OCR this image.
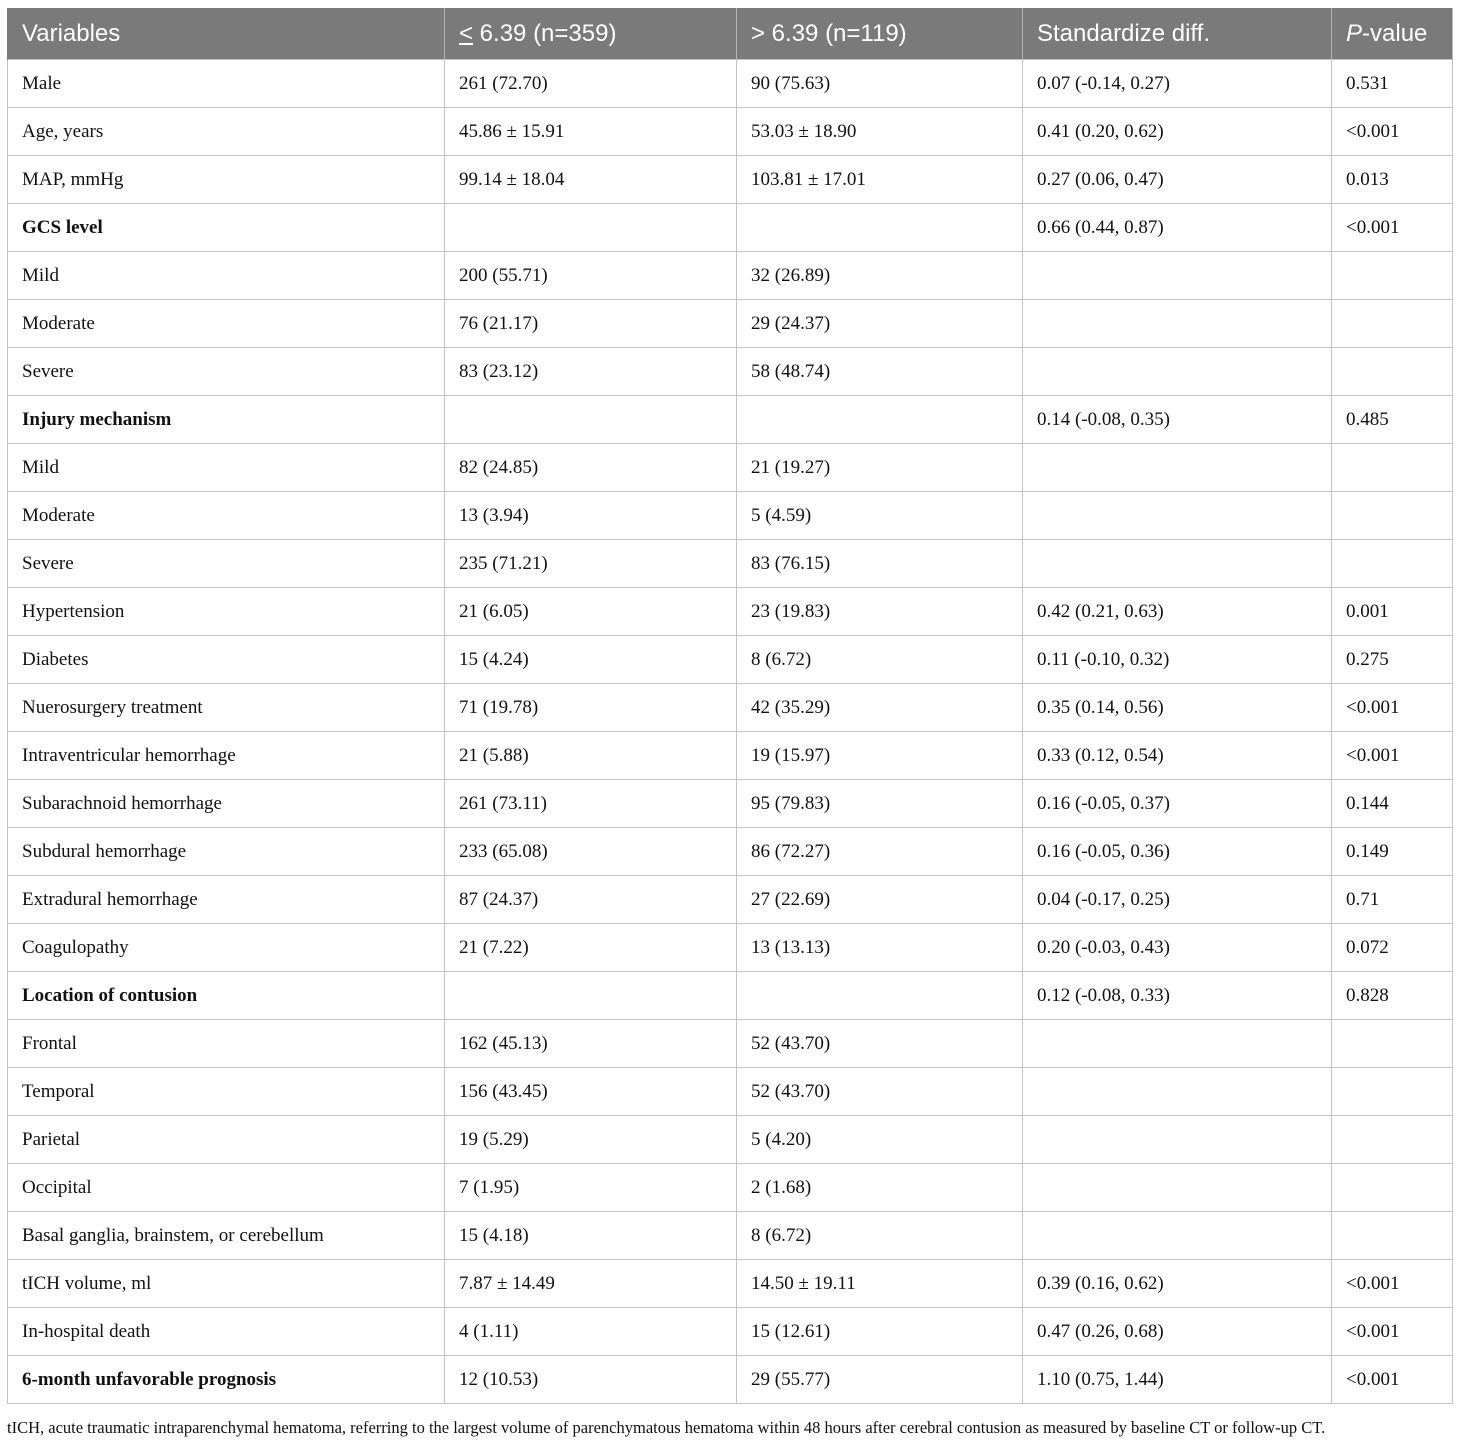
Variables	< 6.39 (n=359)	> 6.39 (n=119)	Standardize diff.	P-value
Male	261 (72.70)	90 (75.63)	0.07 (-0.14, 0.27)	0.531
Age, years	45.86 ± 15.91	53.03 ± 18.90	0.41 (0.20, 0.62)	<0.001
MAP, mmHg	99.14 ± 18.04	103.81 ± 17.01	0.27 (0.06, 0.47)	0.013
GCS level			0.66 (0.44, 0.87)	<0.001
Mild	200 (55.71)	32 (26.89)		
Moderate	76 (21.17)	29 (24.37)		
Severe	83 (23.12)	58 (48.74)		
Injury mechanism			0.14 (-0.08, 0.35)	0.485
Mild	82 (24.85)	21 (19.27)		
Moderate	13 (3.94)	5 (4.59)		
Severe	235 (71.21)	83 (76.15)		
Hypertension	21 (6.05)	23 (19.83)	0.42 (0.21, 0.63)	0.001
Diabetes	15 (4.24)	8 (6.72)	0.11 (-0.10, 0.32)	0.275
Nuerosurgery treatment	71 (19.78)	42 (35.29)	0.35 (0.14, 0.56)	<0.001
Intraventricular hemorrhage	21 (5.88)	19 (15.97)	0.33 (0.12, 0.54)	<0.001
Subarachnoid hemorrhage	261 (73.11)	95 (79.83)	0.16 (-0.05, 0.37)	0.144
Subdural hemorrhage	233 (65.08)	86 (72.27)	0.16 (-0.05, 0.36)	0.149
Extradural hemorrhage	87 (24.37)	27 (22.69)	0.04 (-0.17, 0.25)	0.71
Coagulopathy	21 (7.22)	13 (13.13)	0.20 (-0.03, 0.43)	0.072
Location of contusion			0.12 (-0.08, 0.33)	0.828
Frontal	162 (45.13)	52 (43.70)		
Temporal	156 (43.45)	52 (43.70)		
Parietal	19 (5.29)	5 (4.20)		
Occipital	7 (1.95)	2 (1.68)		
Basal ganglia, brainstem, or cerebellum	15 (4.18)	8 (6.72)		
tICH volume, ml	7.87 ± 14.49	14.50 ± 19.11	0.39 (0.16, 0.62)	<0.001
In-hospital death	4 (1.11)	15 (12.61)	0.47 (0.26, 0.68)	<0.001
6-month unfavorable prognosis	12 (10.53)	29 (55.77)	1.10 (0.75, 1.44)	<0.001
tICH, acute traumatic intraparenchymal hematoma, referring to the largest volume of parenchymatous hematoma within 48 hours after cerebral contusion as measured by baseline CT or follow-up CT.
